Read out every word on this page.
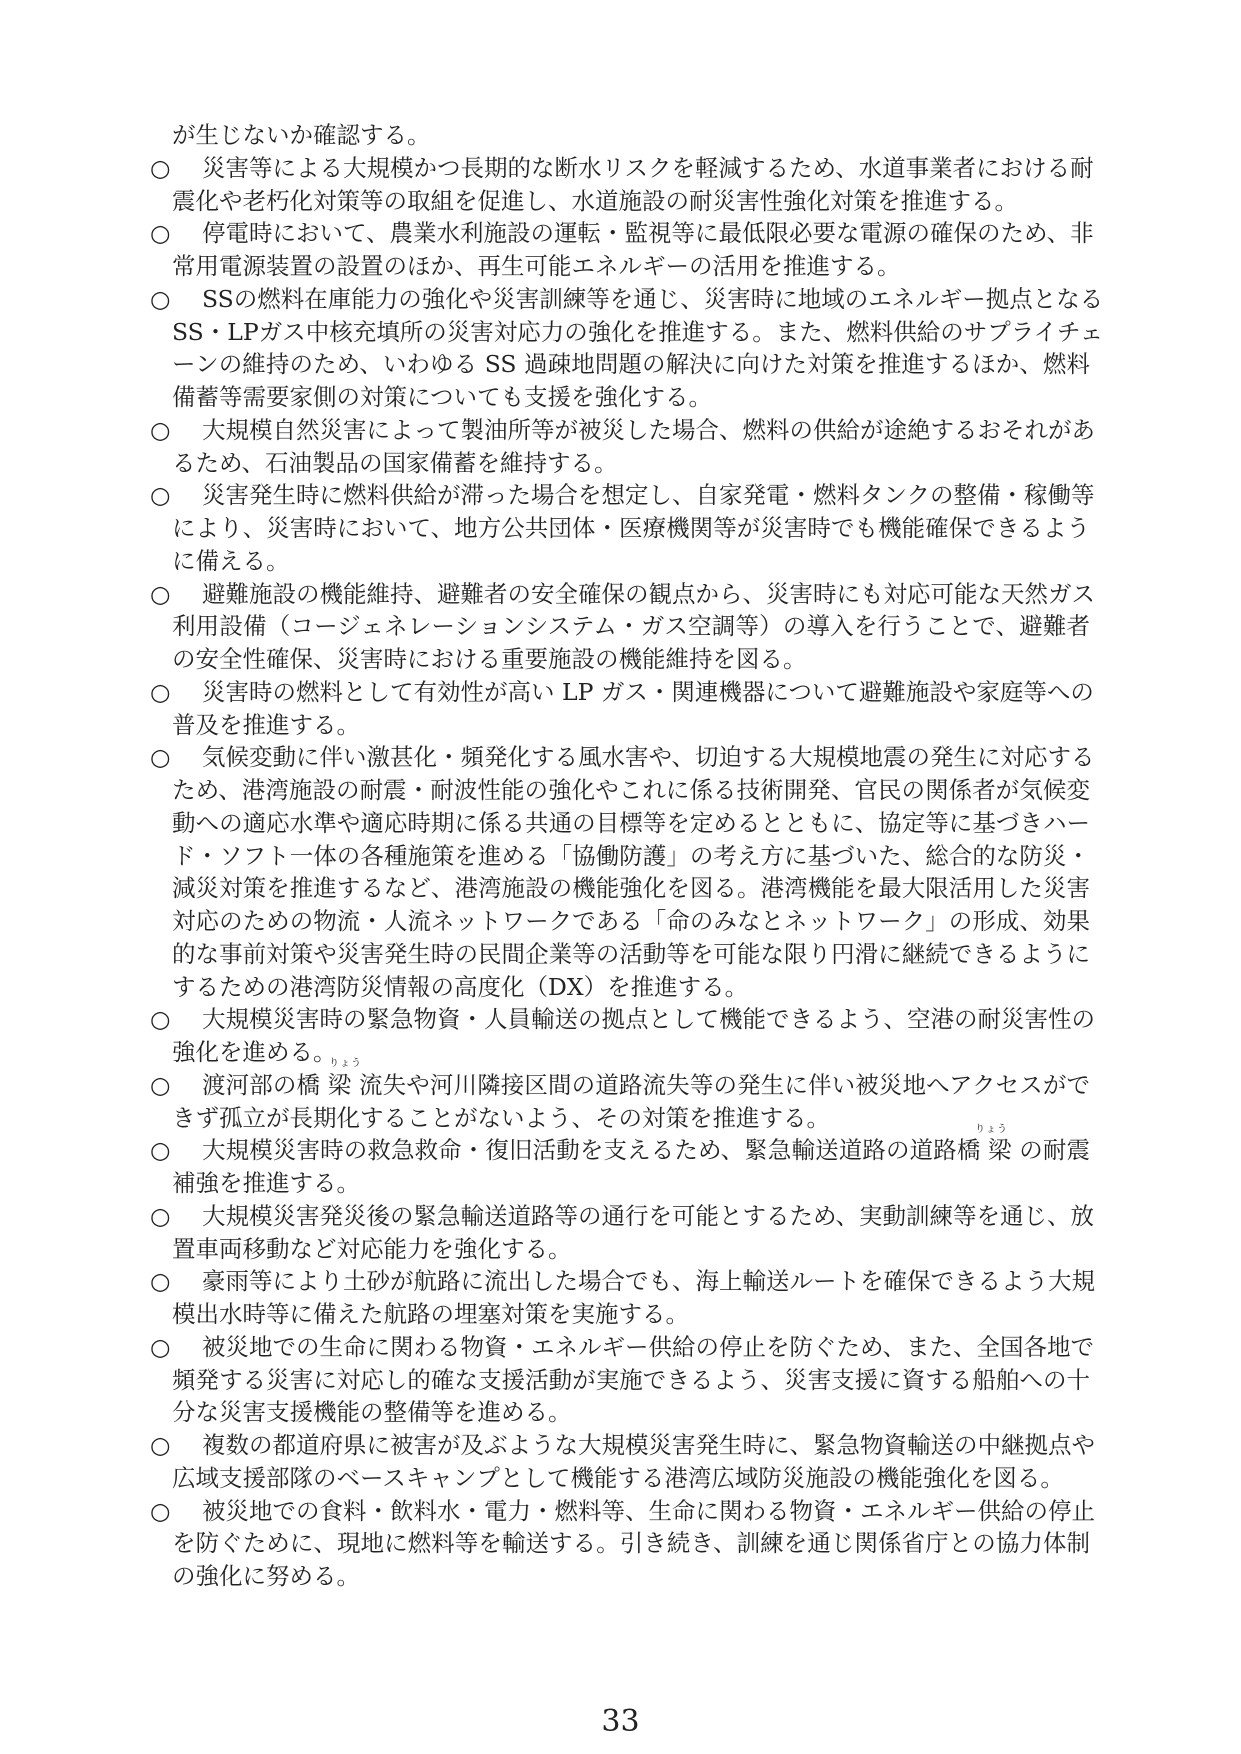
が生じないか確認する。
○ 災害等による大規模かつ長期的な断水リスクを軽減するため、水道事業者における耐
震化や老朽化対策等の取組を促進し、水道施設の耐災害性強化対策を推進する。
○ 停電時において、農業水利施設の運転・監視等に最低限必要な電源の確保のため、非
常用電源装置の設置のほか、再生可能エネルギーの活用を推進する。
○ SSの燃料在庫能力の強化や災害訓練等を通じ、災害時に地域のエネルギー拠点となる
SS・LPガス中核充填所の災害対応力の強化を推進する。また、燃料供給のサプライチェ
ーンの維持のため、いわゆる SS 過疎地問題の解決に向けた対策を推進するほか、燃料
備蓄等需要家側の対策についても支援を強化する。
○ 大規模自然災害によって製油所等が被災した場合、燃料の供給が途絶するおそれがあ
るため、石油製品の国家備蓄を維持する。
○ 災害発生時に燃料供給が滞った場合を想定し、自家発電・燃料タンクの整備・稼働等
により、災害時において、地方公共団体・医療機関等が災害時でも機能確保できるよう
に備える。
○ 避難施設の機能維持、避難者の安全確保の観点から、災害時にも対応可能な天然ガス
利用設備（コージェネレーションシステム・ガス空調等）の導入を行うことで、避難者
の安全性確保、災害時における重要施設の機能維持を図る。
○ 災害時の燃料として有効性が高い LP ガス・関連機器について避難施設や家庭等への
普及を推進する。
○ 気候変動に伴い激甚化・頻発化する風水害や、切迫する大規模地震の発生に対応する
ため、港湾施設の耐震・耐波性能の強化やこれに係る技術開発、官民の関係者が気候変
動への適応水準や適応時期に係る共通の目標等を定めるとともに、協定等に基づきハー
ド・ソフト一体の各種施策を進める「協働防護」の考え方に基づいた、総合的な防災・
減災対策を推進するなど、港湾施設の機能強化を図る。港湾機能を最大限活用した災害
対応のための物流・人流ネットワークである「命のみなとネットワーク」の形成、効果
的な事前対策や災害発生時の民間企業等の活動等を可能な限り円滑に継続できるように
するための港湾防災情報の高度化（DX）を推進する。
○ 大規模災害時の緊急物資・人員輸送の拠点として機能できるよう、空港の耐災害性の
強化を進める。
○ 渡河部の橋 梁 流失や河川隣接区間の道路流失等の発生に伴い被災地へアクセスがで
きず孤立が長期化することがないよう、その対策を推進する。
○ 大規模災害時の救急救命・復旧活動を支えるため、緊急輸送道路の道路橋 梁 の耐震
補強を推進する。
○ 大規模災害発災後の緊急輸送道路等の通行を可能とするため、実動訓練等を通じ、放
置車両移動など対応能力を強化する。
○ 豪雨等により土砂が航路に流出した場合でも、海上輸送ルートを確保できるよう大規
模出水時等に備えた航路の埋塞対策を実施する。
○ 被災地での生命に関わる物資・エネルギー供給の停止を防ぐため、また、全国各地で
頻発する災害に対応し的確な支援活動が実施できるよう、災害支援に資する船舶への十
分な災害支援機能の整備等を進める。
○ 複数の都道府県に被害が及ぶような大規模災害発生時に、緊急物資輸送の中継拠点や
広域支援部隊のベースキャンプとして機能する港湾広域防災施設の機能強化を図る。
○ 被災地での食料・飲料水・電力・燃料等、生命に関わる物資・エネルギー供給の停止
を防ぐために、現地に燃料等を輸送する。引き続き、訓練を通じ関係省庁との協力体制
の強化に努める。
りょう
りょう
33
